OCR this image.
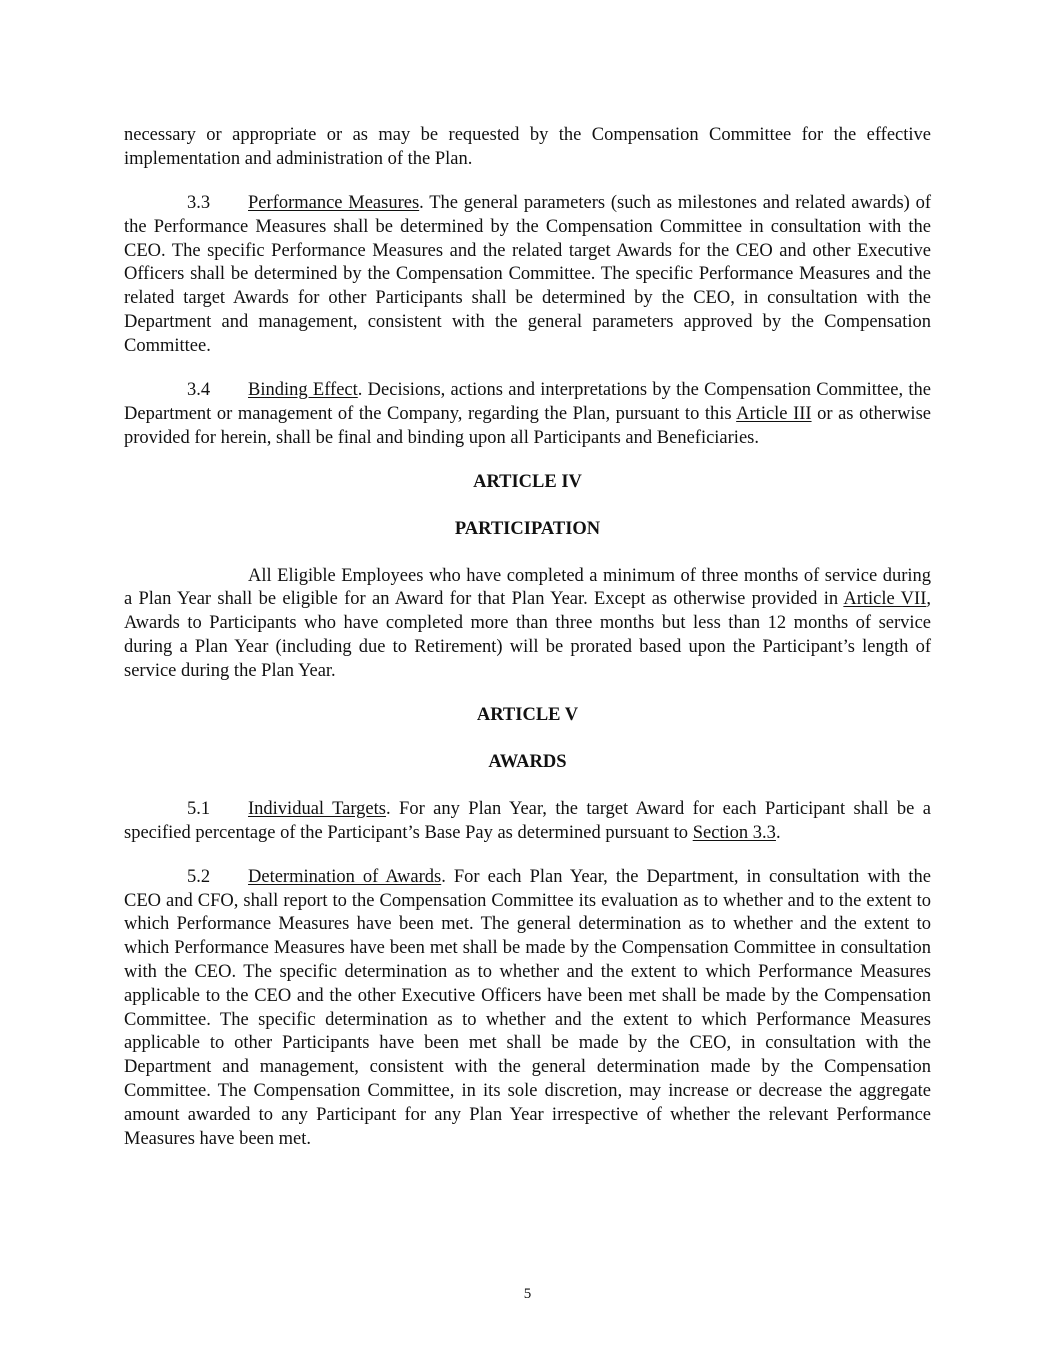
necessary or appropriate or as may be requested by the Compensation Committee for the effective implementation and administration of the Plan.

3.3 Performance Measures. The general parameters (such as milestones and related awards) of the Performance Measures shall be determined by the Compensation Committee in consultation with the CEO. The specific Performance Measures and the related target Awards for the CEO and other Executive Officers shall be determined by the Compensation Committee. The specific Performance Measures and the related target Awards for other Participants shall be determined by the CEO, in consultation with the Department and management, consistent with the general parameters approved by the Compensation Committee.

3.4 Binding Effect. Decisions, actions and interpretations by the Compensation Committee, the Department or management of the Company, regarding the Plan, pursuant to this Article III or as otherwise provided for herein, shall be final and binding upon all Participants and Beneficiaries.

ARTICLE IV

PARTICIPATION

All Eligible Employees who have completed a minimum of three months of service during a Plan Year shall be eligible for an Award for that Plan Year. Except as otherwise provided in Article VII, Awards to Participants who have completed more than three months but less than 12 months of service during a Plan Year (including due to Retirement) will be prorated based upon the Participant’s length of service during the Plan Year.

ARTICLE V

AWARDS

5.1 Individual Targets. For any Plan Year, the target Award for each Participant shall be a specified percentage of the Participant’s Base Pay as determined pursuant to Section 3.3.

5.2 Determination of Awards. For each Plan Year, the Department, in consultation with the CEO and CFO, shall report to the Compensation Committee its evaluation as to whether and to the extent to which Performance Measures have been met. The general determination as to whether and the extent to which Performance Measures have been met shall be made by the Compensation Committee in consultation with the CEO. The specific determination as to whether and the extent to which Performance Measures applicable to the CEO and the other Executive Officers have been met shall be made by the Compensation Committee. The specific determination as to whether and the extent to which Performance Measures applicable to other Participants have been met shall be made by the CEO, in consultation with the Department and management, consistent with the general determination made by the Compensation Committee. The Compensation Committee, in its sole discretion, may increase or decrease the aggregate amount awarded to any Participant for any Plan Year irrespective of whether the relevant Performance Measures have been met.

5
